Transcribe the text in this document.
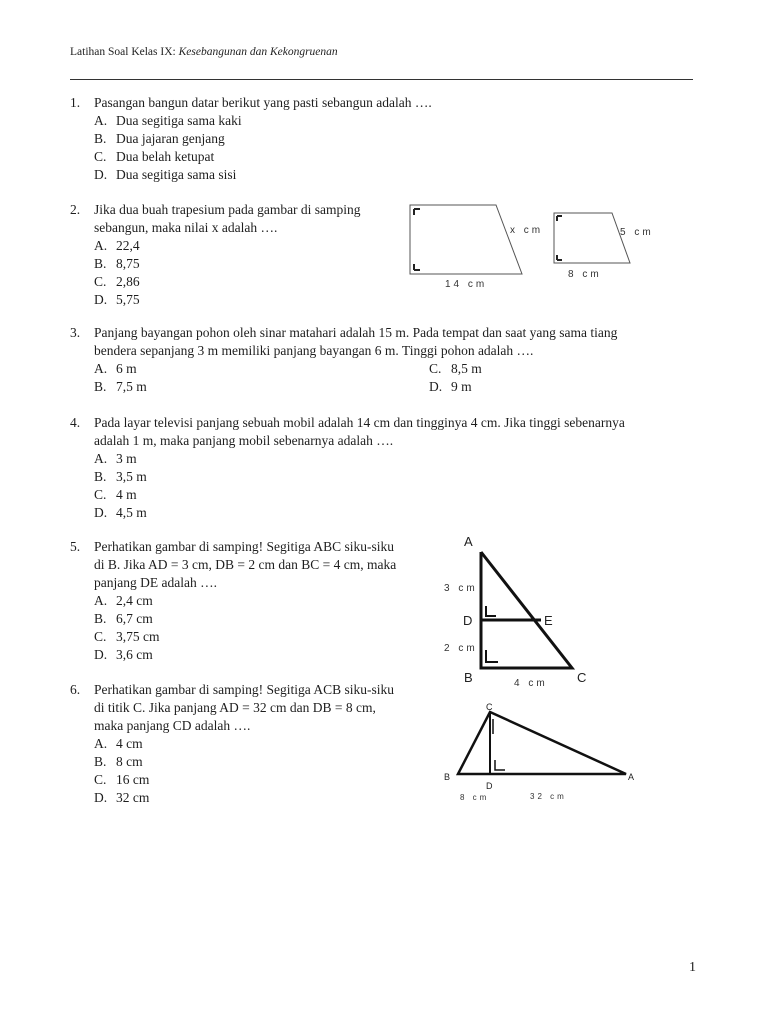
Latihan Soal Kelas IX: Kesebangunan dan Kekongruenan
1.	Pasangan bangun datar berikut yang pasti sebangun adalah ….
A. Dua segitiga sama kaki
B. Dua jajaran genjang
C. Dua belah ketupat
D. Dua segitiga sama sisi
2.	Jika dua buah trapesium pada gambar di samping
sebangun, maka nilai x adalah ….
A. 22,4
B. 8,75
C. 2,86
D. 5,75
x cm
14 cm
5 cm
8 cm
3.	Panjang bayangan pohon oleh sinar matahari adalah 15 m. Pada tempat dan saat yang sama tiang
bendera sepanjang 3 m memiliki panjang bayangan 6 m. Tinggi pohon adalah ….
A. 6 m
B. 7,5 m
C. 8,5 m
D. 9 m
4.	Pada layar televisi panjang sebuah mobil adalah 14 cm dan tingginya 4 cm. Jika tinggi sebenarnya
adalah 1 m, maka panjang mobil sebenarnya adalah ….
A. 3 m
B. 3,5 m
C. 4 m
D. 4,5 m
5.	Perhatikan gambar di samping! Segitiga ABC siku-siku
di B. Jika AD = 3 cm, DB = 2 cm dan BC = 4 cm, maka
panjang DE adalah ….
A. 2,4 cm
B. 6,7 cm
C. 3,75 cm
D. 3,6 cm
A
D	E
B	C
3 cm
2 cm
4 cm
6.	Perhatikan gambar di samping! Segitiga ACB siku-siku
di titik C. Jika panjang AD = 32 cm dan DB = 8 cm,
maka panjang CD adalah ….
A. 4 cm
B. 8 cm
C. 16 cm
D. 32 cm
C
B
D
A
8 cm	32 cm
1
